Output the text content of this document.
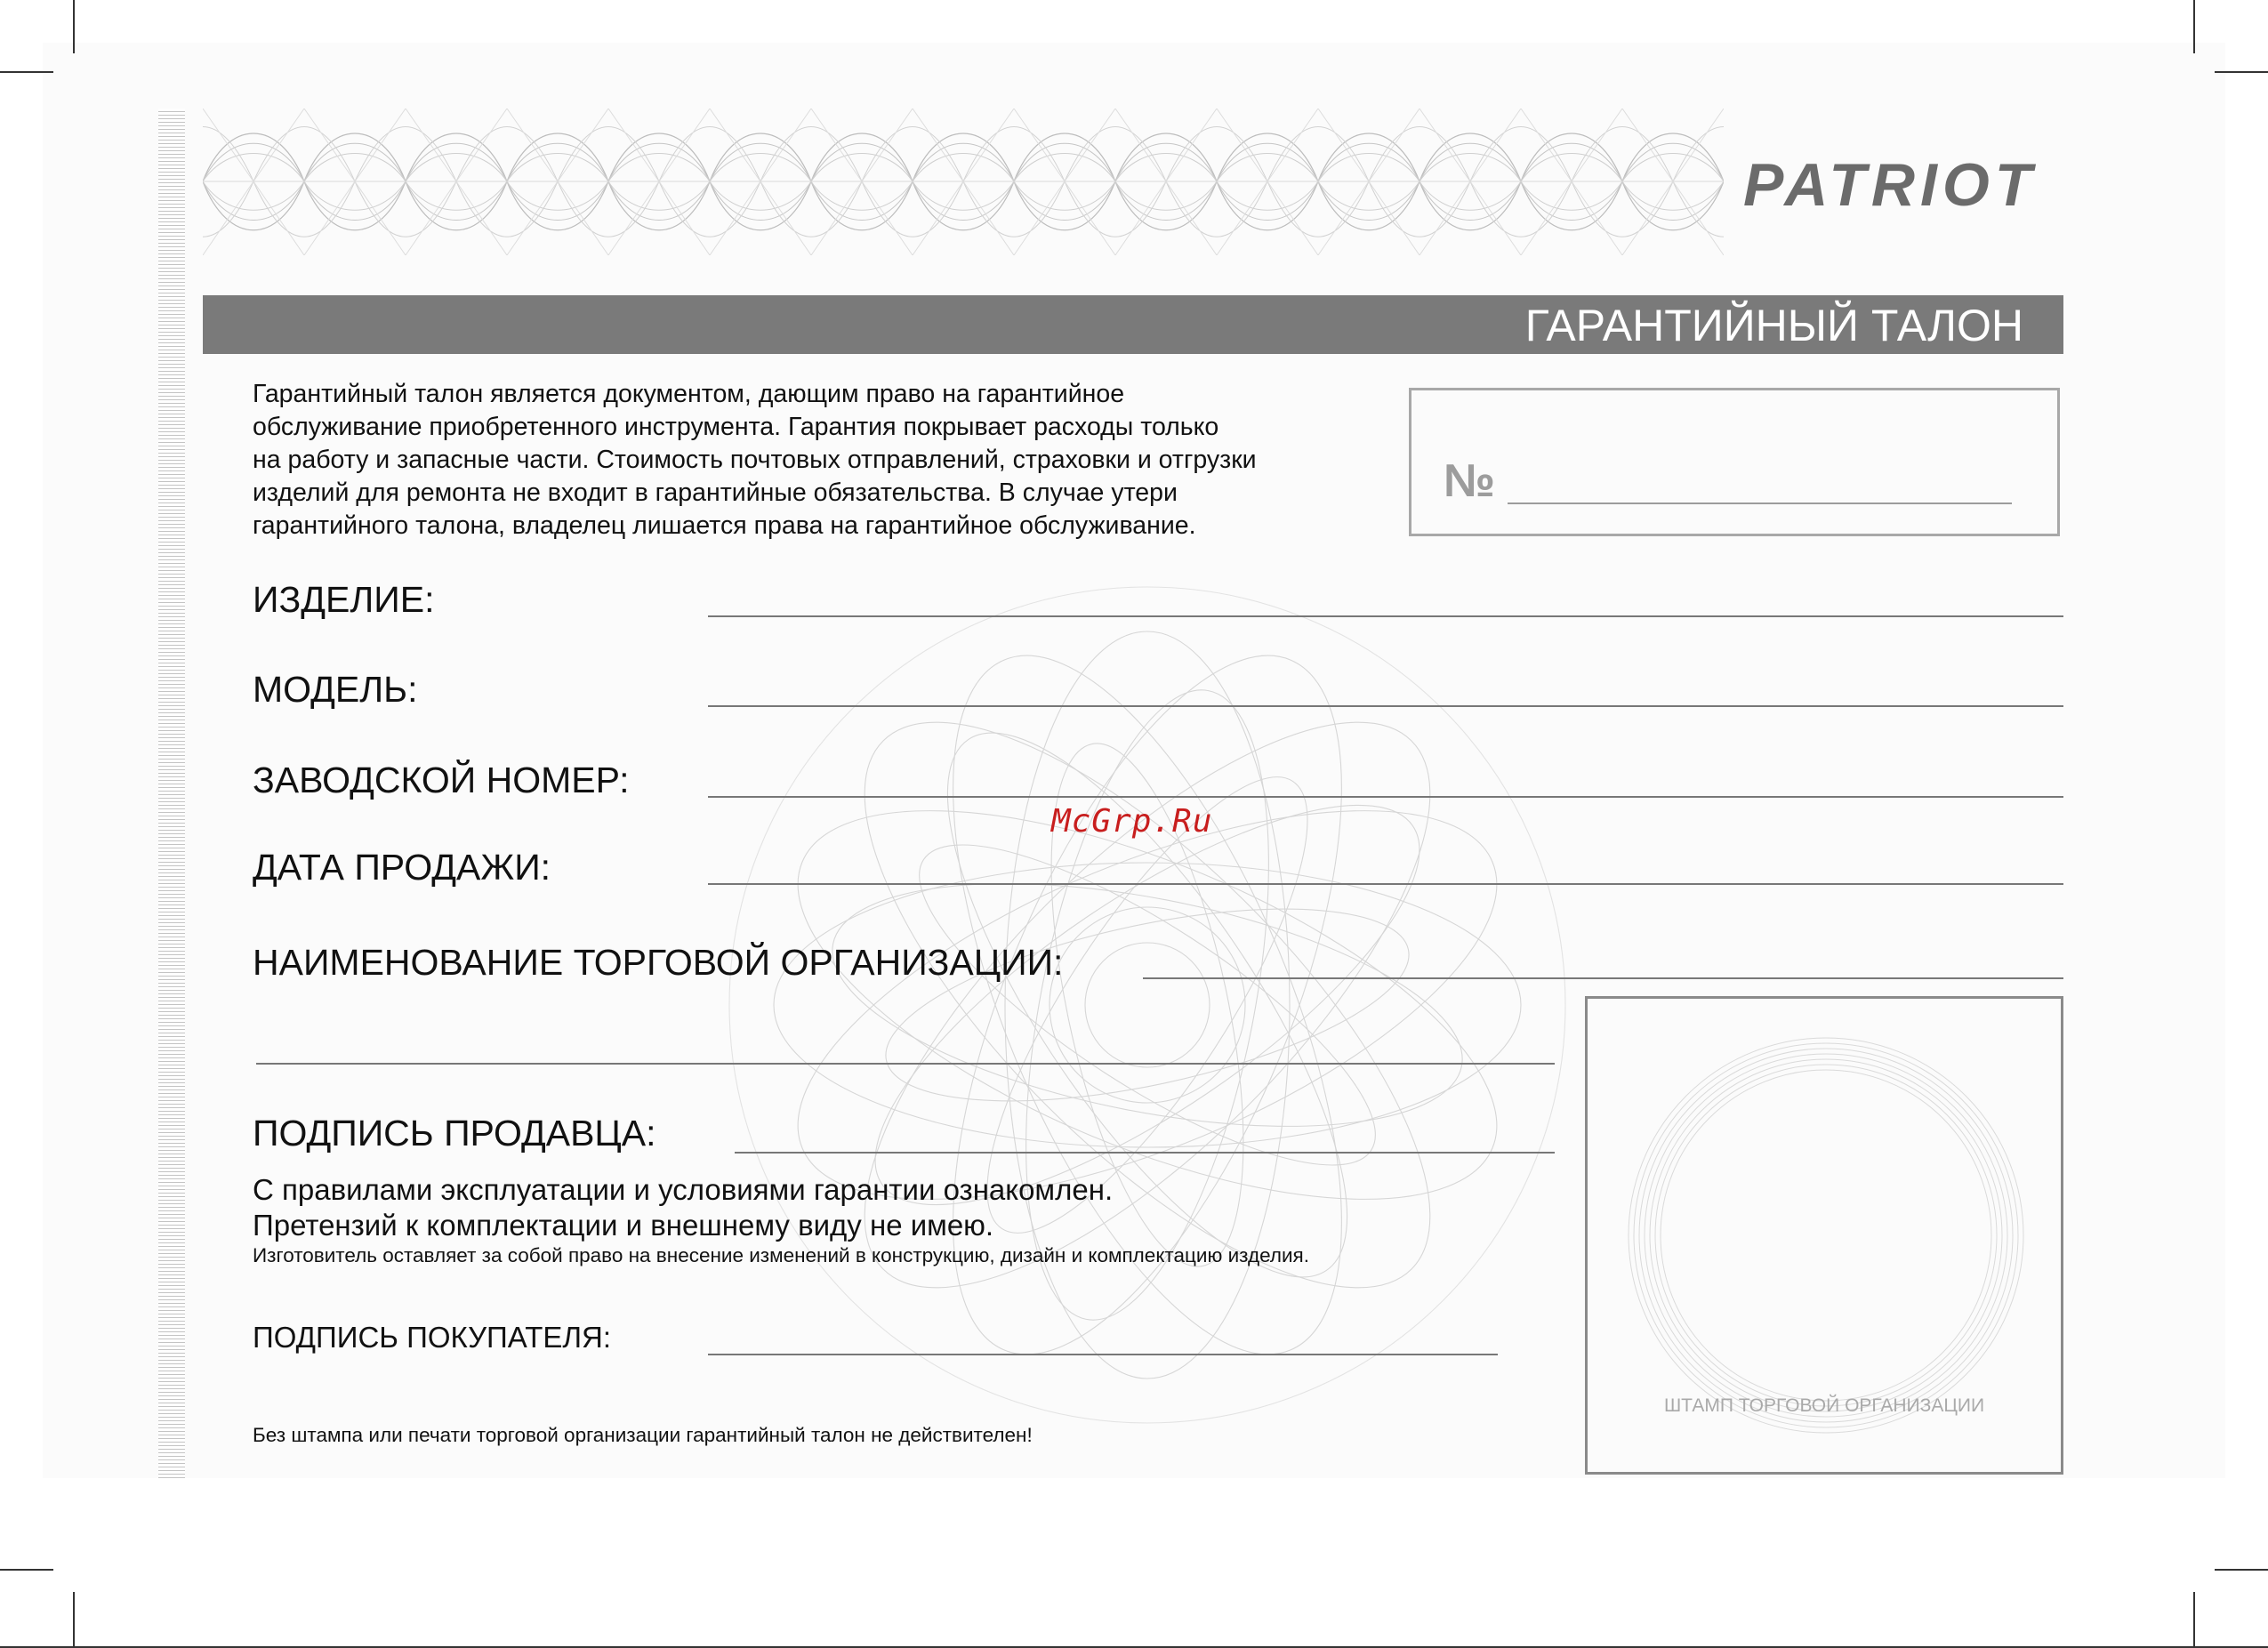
PATRIOT
ГАРАНТИЙНЫЙ ТАЛОН
Гарантийный талон является документом, дающим право на гарантийное
обслуживание приобретенного инструмента. Гарантия покрывает расходы только
на работу и запасные части. Стоимость почтовых отправлений, страховки и отгрузки
изделий для ремонта не входит в гарантийные обязательства. В случае утери
гарантийного талона, владелец лишается права на гарантийное обслуживание.
№
ИЗДЕЛИЕ:
МОДЕЛЬ:
ЗАВОДСКОЙ НОМЕР:
ДАТА ПРОДАЖИ:
НАИМЕНОВАНИЕ ТОРГОВОЙ ОРГАНИЗАЦИИ:
ПОДПИСЬ ПРОДАВЦА:
С правилами эксплуатации и условиями гарантии ознакомлен.
Претензий к комплектации и внешнему виду не имею.
Изготовитель оставляет за собой право на внесение изменений в конструкцию, дизайн и комплектацию изделия.
ПОДПИСЬ ПОКУПАТЕЛЯ:
Без штампа или печати торговой организации гарантийный талон не действителен!
ШТАМП ТОРГОВОЙ ОРГАНИЗАЦИИ
McGrp.Ru
